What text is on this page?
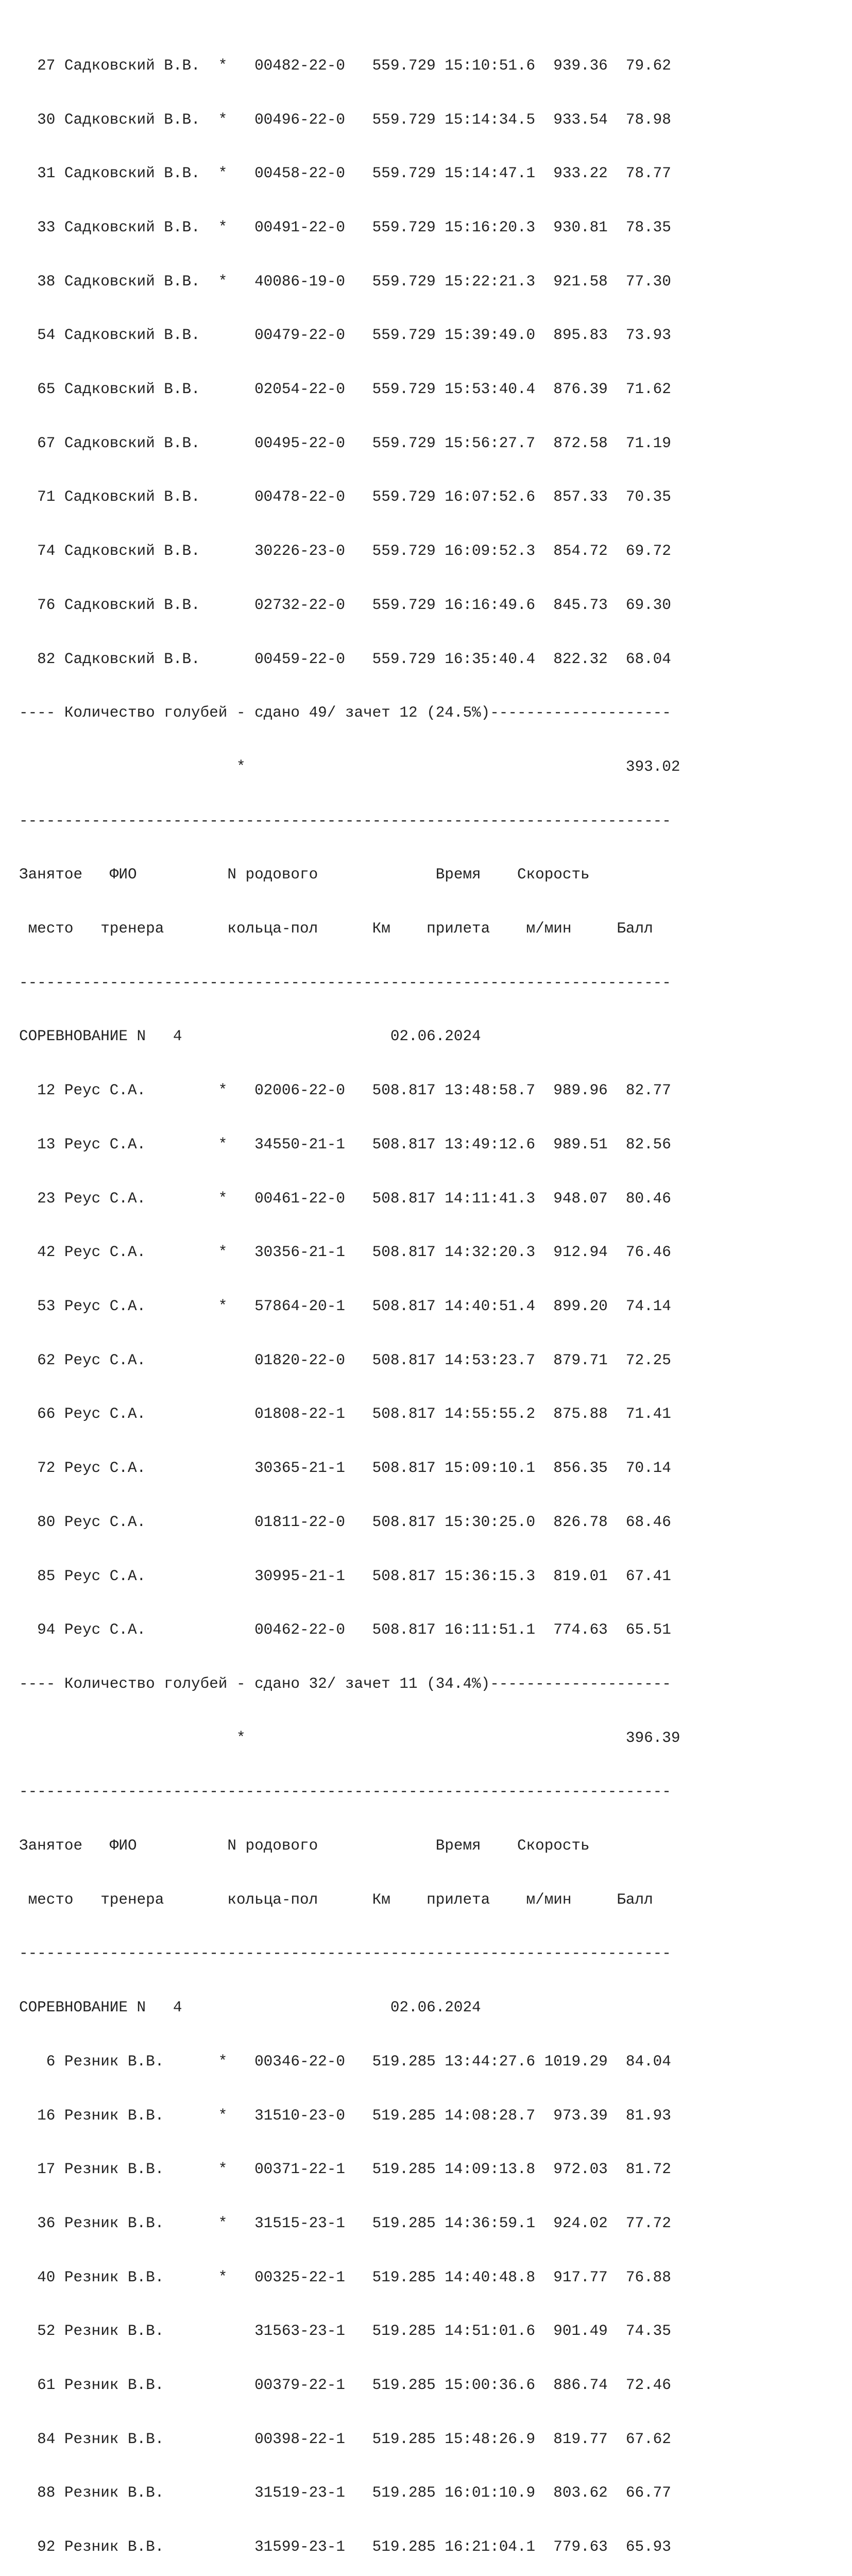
27 Садковский В.В.  *   00482-22-0   559.729 15:10:51.6  939.36  79.62

30 Садковский В.В.  *   00496-22-0   559.729 15:14:34.5  933.54  78.98

31 Садковский В.В.  *   00458-22-0   559.729 15:14:47.1  933.22  78.77

33 Садковский В.В.  *   00491-22-0   559.729 15:16:20.3  930.81  78.35

38 Садковский В.В.  *   40086-19-0   559.729 15:22:21.3  921.58  77.30

54 Садковский В.В.      00479-22-0   559.729 15:39:49.0  895.83  73.93

65 Садковский В.В.      02054-22-0   559.729 15:53:40.4  876.39  71.62

67 Садковский В.В.      00495-22-0   559.729 15:56:27.7  872.58  71.19

71 Садковский В.В.      00478-22-0   559.729 16:07:52.6  857.33  70.35

74 Садковский В.В.      30226-23-0   559.729 16:09:52.3  854.72  69.72

76 Садковский В.В.      02732-22-0   559.729 16:16:49.6  845.73  69.30

82 Садковский В.В.      00459-22-0   559.729 16:35:40.4  822.32  68.04

---- Количество голубей - сдано 49/ зачет 12 (24.5%)--------------------

*                                          393.02

------------------------------------------------------------------------

Занятое   ФИО          N родового             Время    Скорость

место   тренера       кольца-пол      Км    прилета    м/мин     Балл

------------------------------------------------------------------------

СОРЕВНОВАНИЕ N   4                       02.06.2024

12 Реус С.А.        *   02006-22-0   508.817 13:48:58.7  989.96  82.77

13 Реус С.А.        *   34550-21-1   508.817 13:49:12.6  989.51  82.56

23 Реус С.А.        *   00461-22-0   508.817 14:11:41.3  948.07  80.46

42 Реус С.А.        *   30356-21-1   508.817 14:32:20.3  912.94  76.46

53 Реус С.А.        *   57864-20-1   508.817 14:40:51.4  899.20  74.14

62 Реус С.А.            01820-22-0   508.817 14:53:23.7  879.71  72.25

66 Реус С.А.            01808-22-1   508.817 14:55:55.2  875.88  71.41

72 Реус С.А.            30365-21-1   508.817 15:09:10.1  856.35  70.14

80 Реус С.А.            01811-22-0   508.817 15:30:25.0  826.78  68.46

85 Реус С.А.            30995-21-1   508.817 15:36:15.3  819.01  67.41

94 Реус С.А.            00462-22-0   508.817 16:11:51.1  774.63  65.51

---- Количество голубей - сдано 32/ зачет 11 (34.4%)--------------------

*                                          396.39

------------------------------------------------------------------------

Занятое   ФИО          N родового             Время    Скорость

место   тренера       кольца-пол      Км    прилета    м/мин     Балл

------------------------------------------------------------------------

СОРЕВНОВАНИЕ N   4                       02.06.2024

6 Резник В.В.      *   00346-22-0   519.285 13:44:27.6 1019.29  84.04

16 Резник В.В.      *   31510-23-0   519.285 14:08:28.7  973.39  81.93

17 Резник В.В.      *   00371-22-1   519.285 14:09:13.8  972.03  81.72

36 Резник В.В.      *   31515-23-1   519.285 14:36:59.1  924.02  77.72

40 Резник В.В.      *   00325-22-1   519.285 14:40:48.8  917.77  76.88

52 Резник В.В.          31563-23-1   519.285 14:51:01.6  901.49  74.35

61 Резник В.В.          00379-22-1   519.285 15:00:36.6  886.74  72.46

84 Резник В.В.          00398-22-1   519.285 15:48:26.9  819.77  67.62

88 Резник В.В.          31519-23-1   519.285 16:01:10.9  803.62  66.77

92 Резник В.В.          31599-23-1   519.285 16:21:04.1  779.63  65.93
